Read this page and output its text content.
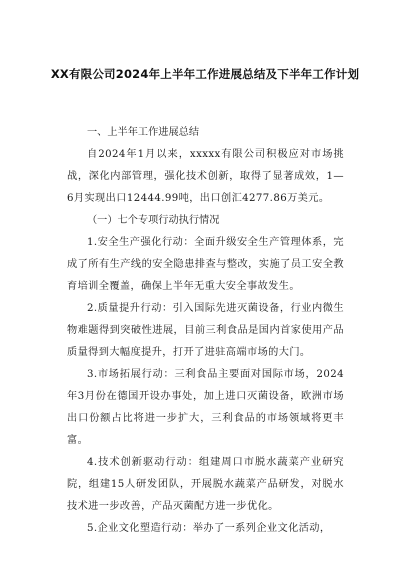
XX有限公司2024年上半年工作进展总结及下半年工作计划

一、上半年工作进展总结

自2024年1月以来，xxxxx有限公司积极应对市场挑战，深化内部管理，强化技术创新，取得了显著成效，1—6月实现出口12444.99吨，出口创汇4277.86万美元。

（一）七个专项行动执行情况

1.安全生产强化行动：全面升级安全生产管理体系，完成了所有生产线的安全隐患排查与整改，实施了员工安全教育培训全覆盖，确保上半年无重大安全事故发生。

2.质量提升行动：引入国际先进灭菌设备，行业内微生物难题得到突破性进展，目前三利食品是国内首家使用产品质量得到大幅度提升，打开了进驻高端市场的大门。

3.市场拓展行动：三利食品主要面对国际市场，2024年3月份在德国开设办事处，加上进口灭菌设备，欧洲市场出口份额占比将进一步扩大，三利食品的市场领域将更丰富。

4.技术创新驱动行动：组建周口市脱水蔬菜产业研究院，组建15人研发团队，开展脱水蔬菜产品研发，对脱水技术进一步改善，产品灭菌配方进一步优化。

5.企业文化塑造行动：举办了一系列企业文化活动，
